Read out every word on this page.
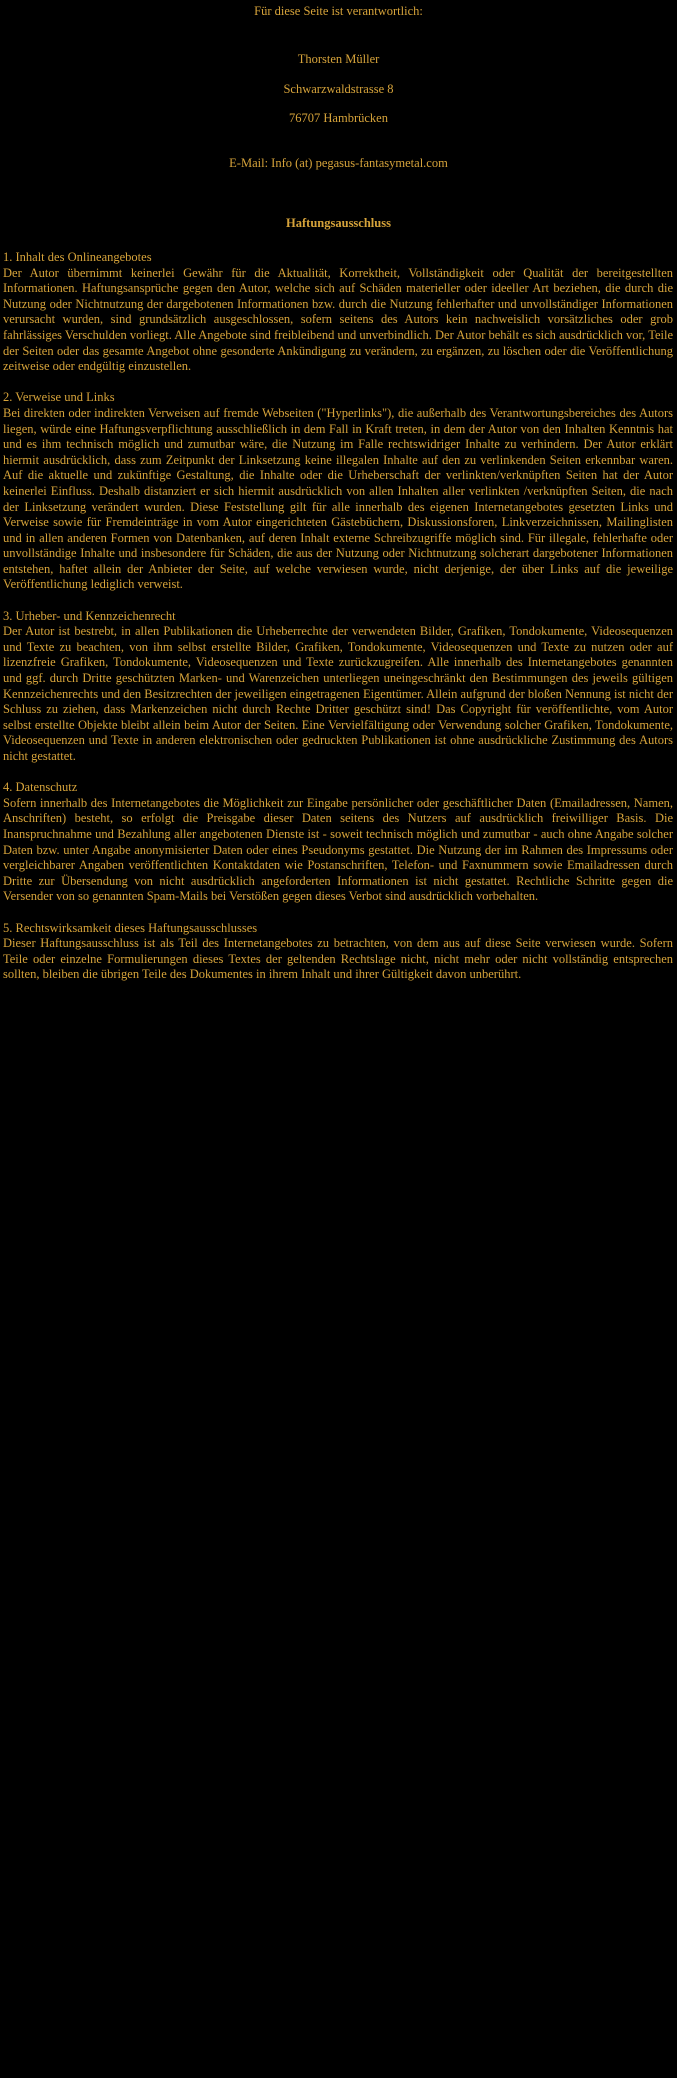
Für diese Seite ist verantwortlich:
Thorsten Müller
Schwarzwaldstrasse 8
76707 Hambrücken
E-Mail: Info (at) pegasus-fantasymetal.com
Haftungsausschluss
1. Inhalt des Onlineangebotes
Der Autor übernimmt keinerlei Gewähr für die Aktualität, Korrektheit, Vollständigkeit oder Qualität der bereitgestellten Informationen. Haftungsansprüche gegen den Autor, welche sich auf Schäden materieller oder ideeller Art beziehen, die durch die Nutzung oder Nichtnutzung der dargebotenen Informationen bzw. durch die Nutzung fehlerhafter und unvollständiger Informationen verursacht wurden, sind grundsätzlich ausgeschlossen, sofern seitens des Autors kein nachweislich vorsätzliches oder grob fahrlässiges Verschulden vorliegt. Alle Angebote sind freibleibend und unverbindlich. Der Autor behält es sich ausdrücklich vor, Teile der Seiten oder das gesamte Angebot ohne gesonderte Ankündigung zu verändern, zu ergänzen, zu löschen oder die Veröffentlichung zeitweise oder endgültig einzustellen.
2. Verweise und Links
Bei direkten oder indirekten Verweisen auf fremde Webseiten ("Hyperlinks"), die außerhalb des Verantwortungsbereiches des Autors liegen, würde eine Haftungsverpflichtung ausschließlich in dem Fall in Kraft treten, in dem der Autor von den Inhalten Kenntnis hat und es ihm technisch möglich und zumutbar wäre, die Nutzung im Falle rechtswidriger Inhalte zu verhindern. Der Autor erklärt hiermit ausdrücklich, dass zum Zeitpunkt der Linksetzung keine illegalen Inhalte auf den zu verlinkenden Seiten erkennbar waren. Auf die aktuelle und zukünftige Gestaltung, die Inhalte oder die Urheberschaft der verlinkten/verknüpften Seiten hat der Autor keinerlei Einfluss. Deshalb distanziert er sich hiermit ausdrücklich von allen Inhalten aller verlinkten /verknüpften Seiten, die nach der Linksetzung verändert wurden. Diese Feststellung gilt für alle innerhalb des eigenen Internetangebotes gesetzten Links und Verweise sowie für Fremdeinträge in vom Autor eingerichteten Gästebüchern, Diskussionsforen, Linkverzeichnissen, Mailinglisten und in allen anderen Formen von Datenbanken, auf deren Inhalt externe Schreibzugriffe möglich sind. Für illegale, fehlerhafte oder unvollständige Inhalte und insbesondere für Schäden, die aus der Nutzung oder Nichtnutzung solcherart dargebotener Informationen entstehen, haftet allein der Anbieter der Seite, auf welche verwiesen wurde, nicht derjenige, der über Links auf die jeweilige Veröffentlichung lediglich verweist.
3. Urheber- und Kennzeichenrecht
Der Autor ist bestrebt, in allen Publikationen die Urheberrechte der verwendeten Bilder, Grafiken, Tondokumente, Videosequenzen und Texte zu beachten, von ihm selbst erstellte Bilder, Grafiken, Tondokumente, Videosequenzen und Texte zu nutzen oder auf lizenzfreie Grafiken, Tondokumente, Videosequenzen und Texte zurückzugreifen. Alle innerhalb des Internetangebotes genannten und ggf. durch Dritte geschützten Marken- und Warenzeichen unterliegen uneingeschränkt den Bestimmungen des jeweils gültigen Kennzeichenrechts und den Besitzrechten der jeweiligen eingetragenen Eigentümer. Allein aufgrund der bloßen Nennung ist nicht der Schluss zu ziehen, dass Markenzeichen nicht durch Rechte Dritter geschützt sind! Das Copyright für veröffentlichte, vom Autor selbst erstellte Objekte bleibt allein beim Autor der Seiten. Eine Vervielfältigung oder Verwendung solcher Grafiken, Tondokumente, Videosequenzen und Texte in anderen elektronischen oder gedruckten Publikationen ist ohne ausdrückliche Zustimmung des Autors nicht gestattet.
4. Datenschutz
Sofern innerhalb des Internetangebotes die Möglichkeit zur Eingabe persönlicher oder geschäftlicher Daten (Emailadressen, Namen, Anschriften) besteht, so erfolgt die Preisgabe dieser Daten seitens des Nutzers auf ausdrücklich freiwilliger Basis. Die Inanspruchnahme und Bezahlung aller angebotenen Dienste ist - soweit technisch möglich und zumutbar - auch ohne Angabe solcher Daten bzw. unter Angabe anonymisierter Daten oder eines Pseudonyms gestattet. Die Nutzung der im Rahmen des Impressums oder vergleichbarer Angaben veröffentlichten Kontaktdaten wie Postanschriften, Telefon- und Faxnummern sowie Emailadressen durch Dritte zur Übersendung von nicht ausdrücklich angeforderten Informationen ist nicht gestattet. Rechtliche Schritte gegen die Versender von so genannten Spam-Mails bei Verstößen gegen dieses Verbot sind ausdrücklich vorbehalten.
5. Rechtswirksamkeit dieses Haftungsausschlusses
Dieser Haftungsausschluss ist als Teil des Internetangebotes zu betrachten, von dem aus auf diese Seite verwiesen wurde. Sofern Teile oder einzelne Formulierungen dieses Textes der geltenden Rechtslage nicht, nicht mehr oder nicht vollständig entsprechen sollten, bleiben die übrigen Teile des Dokumentes in ihrem Inhalt und ihrer Gültigkeit davon unberührt.
